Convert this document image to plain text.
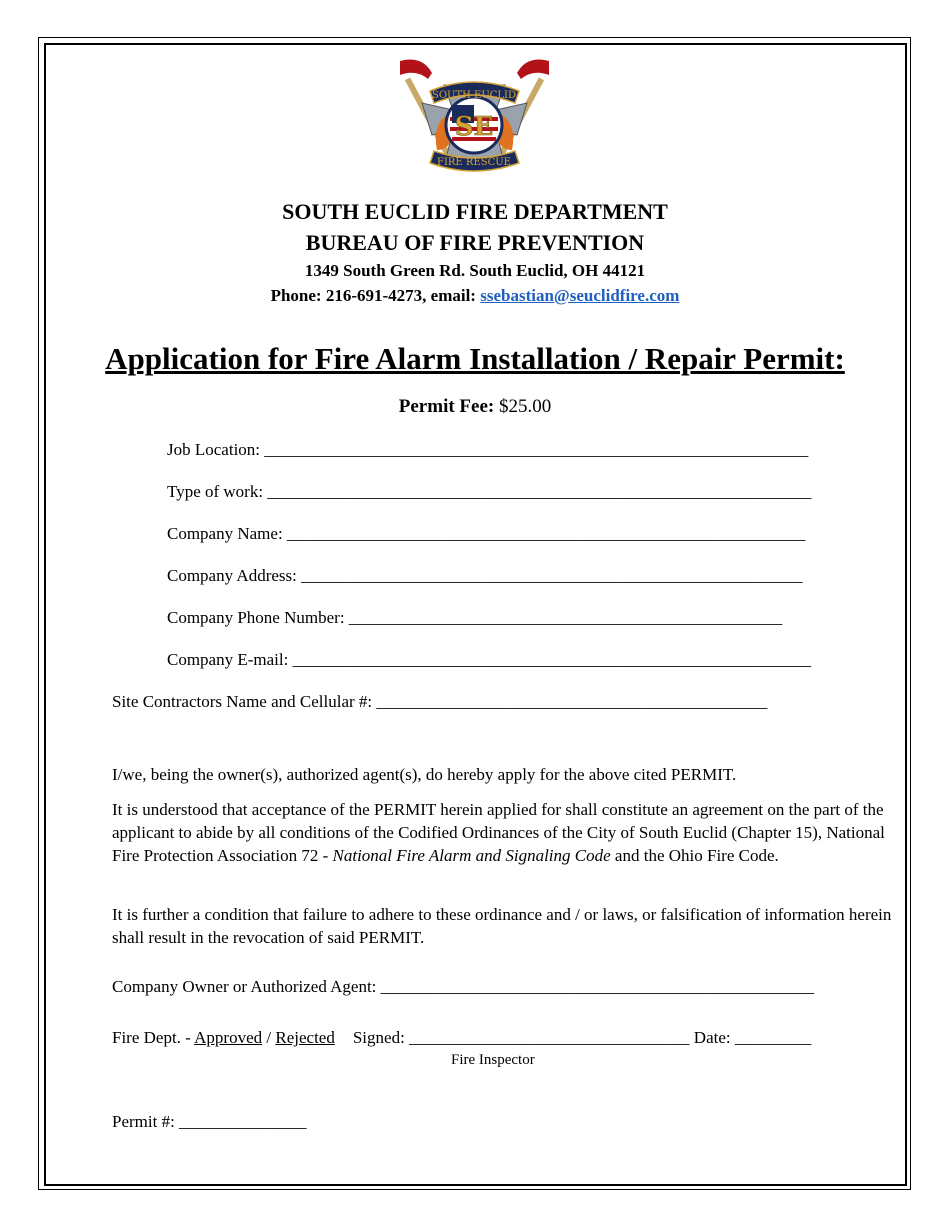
SE
SOUTH EUCLID
FIRE RESCUE
SOUTH EUCLID FIRE DEPARTMENT
BUREAU OF FIRE PREVENTION
1349 South Green Rd. South Euclid, OH 44121
Phone: 216-691-4273, email: ssebastian@seuclidfire.com
Application for Fire Alarm Installation / Repair Permit:
Permit Fee: $25.00
Job Location: ________________________________________________________________
Type of work: ________________________________________________________________
Company Name: _____________________________________________________________
Company Address: ___________________________________________________________
Company Phone Number: ___________________________________________________
Company E-mail: _____________________________________________________________
Site Contractors Name and Cellular #: ______________________________________________
I/we, being the owner(s), authorized agent(s), do hereby apply for the above cited PERMIT.
It is understood that acceptance of the PERMIT herein applied for shall constitute an agreement on the part of the applicant to abide by all conditions of the Codified Ordinances of the City of South Euclid (Chapter 15), National Fire Protection Association 72 - National Fire Alarm and Signaling Code and the Ohio Fire Code.
It is further a condition that failure to adhere to these ordinance and / or laws, or falsification of information herein shall result in the revocation of said PERMIT.
Company Owner or Authorized Agent: ___________________________________________________
Fire Dept. - Approved / Rejected Signed: _________________________________ Date: _________
Fire Inspector
Permit #: _______________
